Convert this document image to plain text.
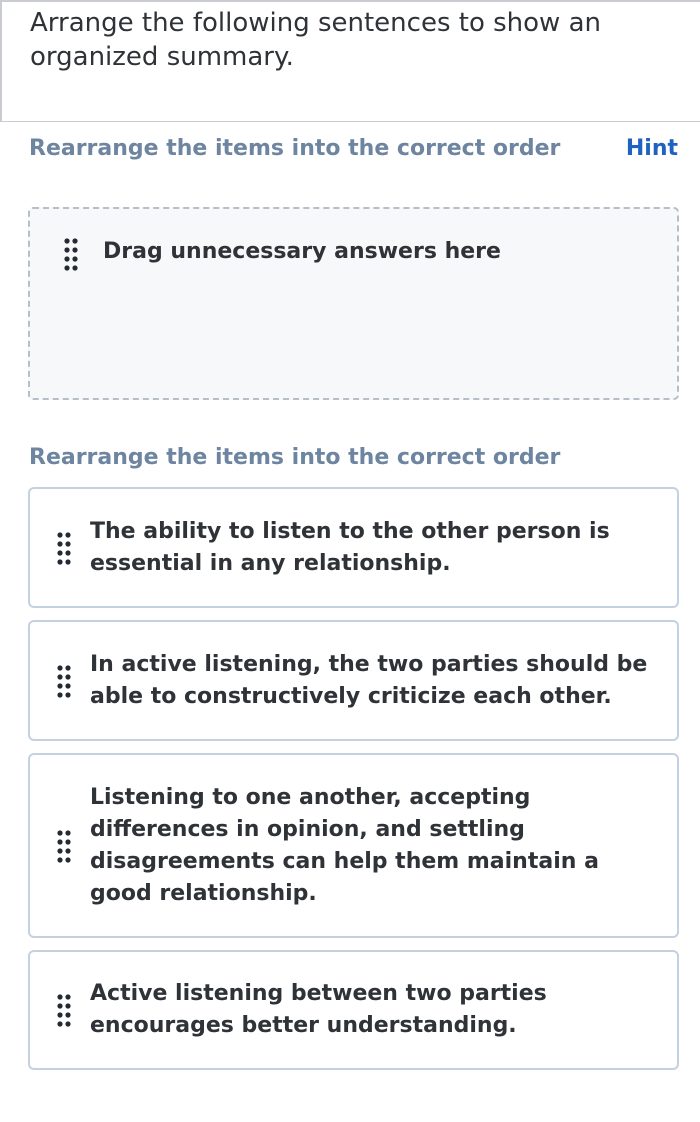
Arrange the following sentences to show an organized summary.
Rearrange the items into the correct order	Hint
Drag unnecessary answers here
Rearrange the items into the correct order
The ability to listen to the other person is essential in any relationship.
In active listening, the two parties should be able to constructively criticize each other.
Listening to one another, accepting differences in opinion, and settling disagreements can help them maintain a good relationship.
Active listening between two parties encourages better understanding.
